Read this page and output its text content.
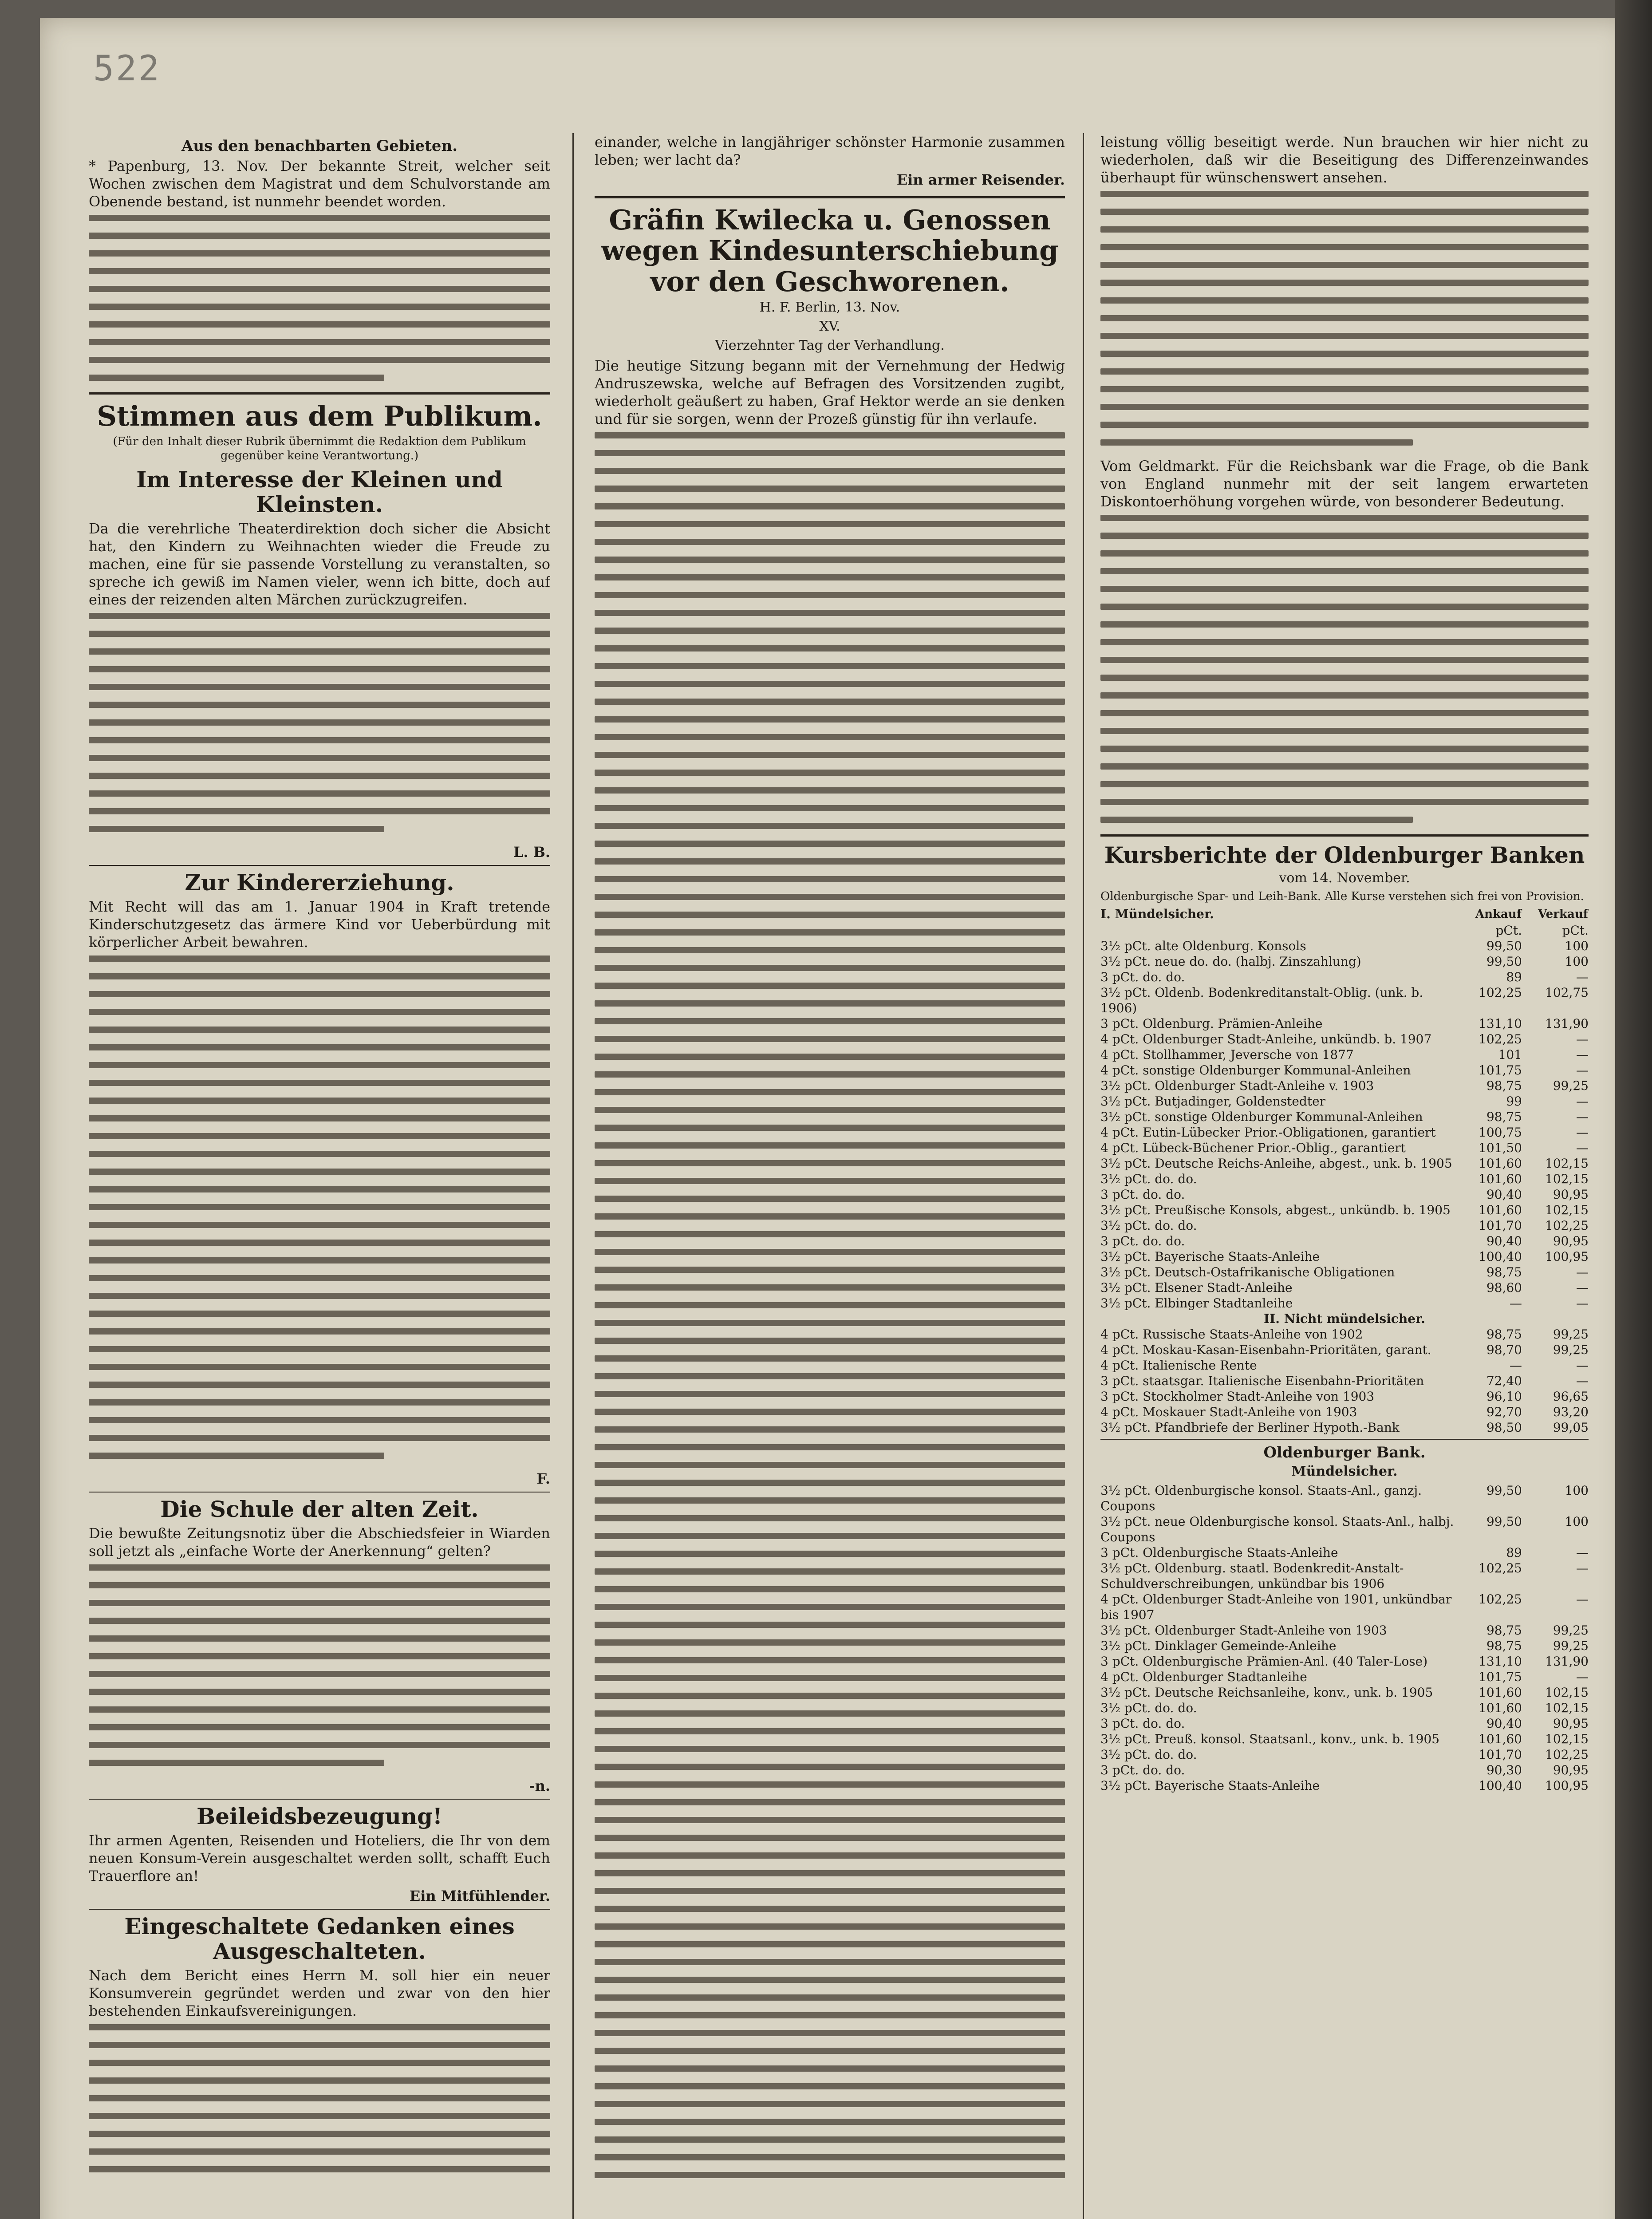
522
Aus den benachbarten Gebieten.

* Papenburg, 13. Nov. Der bekannte Streit, welcher seit Wochen zwischen dem Magistrat und dem Schulvorstande am Obenende bestand, ist nunmehr beendet worden.

Stimmen aus dem Publikum.

(Für den Inhalt dieser Rubrik übernimmt die Redaktion dem Publikum gegenüber keine Verantwortung.)

Im Interesse der Kleinen und Kleinsten.

Da die verehrliche Theaterdirektion doch sicher die Absicht hat, den Kindern zu Weihnachten wieder die Freude zu machen, eine für sie passende Vorstellung zu veranstalten, so spreche ich gewiß im Namen vieler, wenn ich bitte, doch auf eines der reizenden alten Märchen zurückzugreifen.

L. B.
Zur Kindererziehung.

Mit Recht will das am 1. Januar 1904 in Kraft tretende Kinderschutzgesetz das ärmere Kind vor Ueberbürdung mit körperlicher Arbeit bewahren.

F.
Die Schule der alten Zeit.

Die bewußte Zeitungsnotiz über die Abschiedsfeier in Wiarden soll jetzt als „einfache Worte der Anerkennung“ gelten?

-n.
Beileidsbezeugung!

Ihr armen Agenten, Reisenden und Hoteliers, die Ihr von dem neuen Konsum-Verein ausgeschaltet werden sollt, schafft Euch Trauerflore an!

Ein Mitfühlender.
Eingeschaltete Gedanken eines Ausgeschalteten.

Nach dem Bericht eines Herrn M. soll hier ein neuer Konsumverein gegründet werden und zwar von den hier bestehenden Einkaufsvereinigungen.

einander, welche in langjähriger schönster Harmonie zusammen leben; wer lacht da?

Ein armer Reisender.
Gräfin Kwilecka u. Genossen wegen Kindesunterschiebung vor den Geschworenen.
H. F. Berlin, 13. Nov.
XV.
Vierzehnter Tag der Verhandlung.

Die heutige Sitzung begann mit der Vernehmung der Hedwig Andruszewska, welche auf Befragen des Vorsitzenden zugibt, wiederholt geäußert zu haben, Graf Hektor werde an sie denken und für sie sorgen, wenn der Prozeß günstig für ihn verlaufe.

leistung völlig beseitigt werde. Nun brauchen wir hier nicht zu wiederholen, daß wir die Beseitigung des Differenzeinwandes überhaupt für wünschenswert ansehen.

Vom Geldmarkt. Für die Reichsbank war die Frage, ob die Bank von England nunmehr mit der seit langem erwarteten Diskontoerhöhung vorgehen würde, von besonderer Bedeutung.

Kursberichte der Oldenburger Banken
vom 14. November.

Oldenburgische Spar- und Leih-Bank. Alle Kurse verstehen sich frei von Provision.

I. Mündelsicher.	Ankauf	Verkauf
	pCt.	pCt.
3½ pCt. alte Oldenburg. Konsols	99,50	100
3½ pCt. neue do. do. (halbj. Zinszahlung)	99,50	100
3 pCt. do. do.	89	—
3½ pCt. Oldenb. Bodenkreditanstalt-Oblig. (unk. b. 1906)	102,25	102,75
3 pCt. Oldenburg. Prämien-Anleihe	131,10	131,90
4 pCt. Oldenburger Stadt-Anleihe, unkündb. b. 1907	102,25	—
4 pCt. Stollhammer, Jeversche von 1877	101	—
4 pCt. sonstige Oldenburger Kommunal-Anleihen	101,75	—
3½ pCt. Oldenburger Stadt-Anleihe v. 1903	98,75	99,25
3½ pCt. Butjadinger, Goldenstedter	99	—
3½ pCt. sonstige Oldenburger Kommunal-Anleihen	98,75	—
4 pCt. Eutin-Lübecker Prior.-Obligationen, garantiert	100,75	—
4 pCt. Lübeck-Büchener Prior.-Oblig., garantiert	101,50	—
3½ pCt. Deutsche Reichs-Anleihe, abgest., unk. b. 1905	101,60	102,15
3½ pCt. do. do.	101,60	102,15
3 pCt. do. do.	90,40	90,95
3½ pCt. Preußische Konsols, abgest., unkündb. b. 1905	101,60	102,15
3½ pCt. do. do.	101,70	102,25
3 pCt. do. do.	90,40	90,95
3½ pCt. Bayerische Staats-Anleihe	100,40	100,95
3½ pCt. Deutsch-Ostafrikanische Obligationen	98,75	—
3½ pCt. Elsener Stadt-Anleihe	98,60	—
3½ pCt. Elbinger Stadtanleihe	—	—
II. Nicht mündelsicher.		
4 pCt. Russische Staats-Anleihe von 1902	98,75	99,25
4 pCt. Moskau-Kasan-Eisenbahn-Prioritäten, garant.	98,70	99,25
4 pCt. Italienische Rente	—	—
3 pCt. staatsgar. Italienische Eisenbahn-Prioritäten	72,40	—
3 pCt. Stockholmer Stadt-Anleihe von 1903	96,10	96,65
4 pCt. Moskauer Stadt-Anleihe von 1903	92,70	93,20
3½ pCt. Pfandbriefe der Berliner Hypoth.-Bank	98,50	99,05
Oldenburger Bank.
Mündelsicher.
3½ pCt. Oldenburgische konsol. Staats-Anl., ganzj. Coupons	99,50	100
3½ pCt. neue Oldenburgische konsol. Staats-Anl., halbj. Coupons	99,50	100
3 pCt. Oldenburgische Staats-Anleihe	89	—
3½ pCt. Oldenburg. staatl. Bodenkredit-Anstalt-Schuldverschreibungen, unkündbar bis 1906	102,25	—
4 pCt. Oldenburger Stadt-Anleihe von 1901, unkündbar bis 1907	102,25	—
3½ pCt. Oldenburger Stadt-Anleihe von 1903	98,75	99,25
3½ pCt. Dinklager Gemeinde-Anleihe	98,75	99,25
3 pCt. Oldenburgische Prämien-Anl. (40 Taler-Lose)	131,10	131,90
4 pCt. Oldenburger Stadtanleihe	101,75	—
3½ pCt. Deutsche Reichsanleihe, konv., unk. b. 1905	101,60	102,15
3½ pCt. do. do.	101,60	102,15
3 pCt. do. do.	90,40	90,95
3½ pCt. Preuß. konsol. Staatsanl., konv., unk. b. 1905	101,60	102,15
3½ pCt. do. do.	101,70	102,25
3 pCt. do. do.	90,30	90,95
3½ pCt. Bayerische Staats-Anleihe	100,40	100,95
